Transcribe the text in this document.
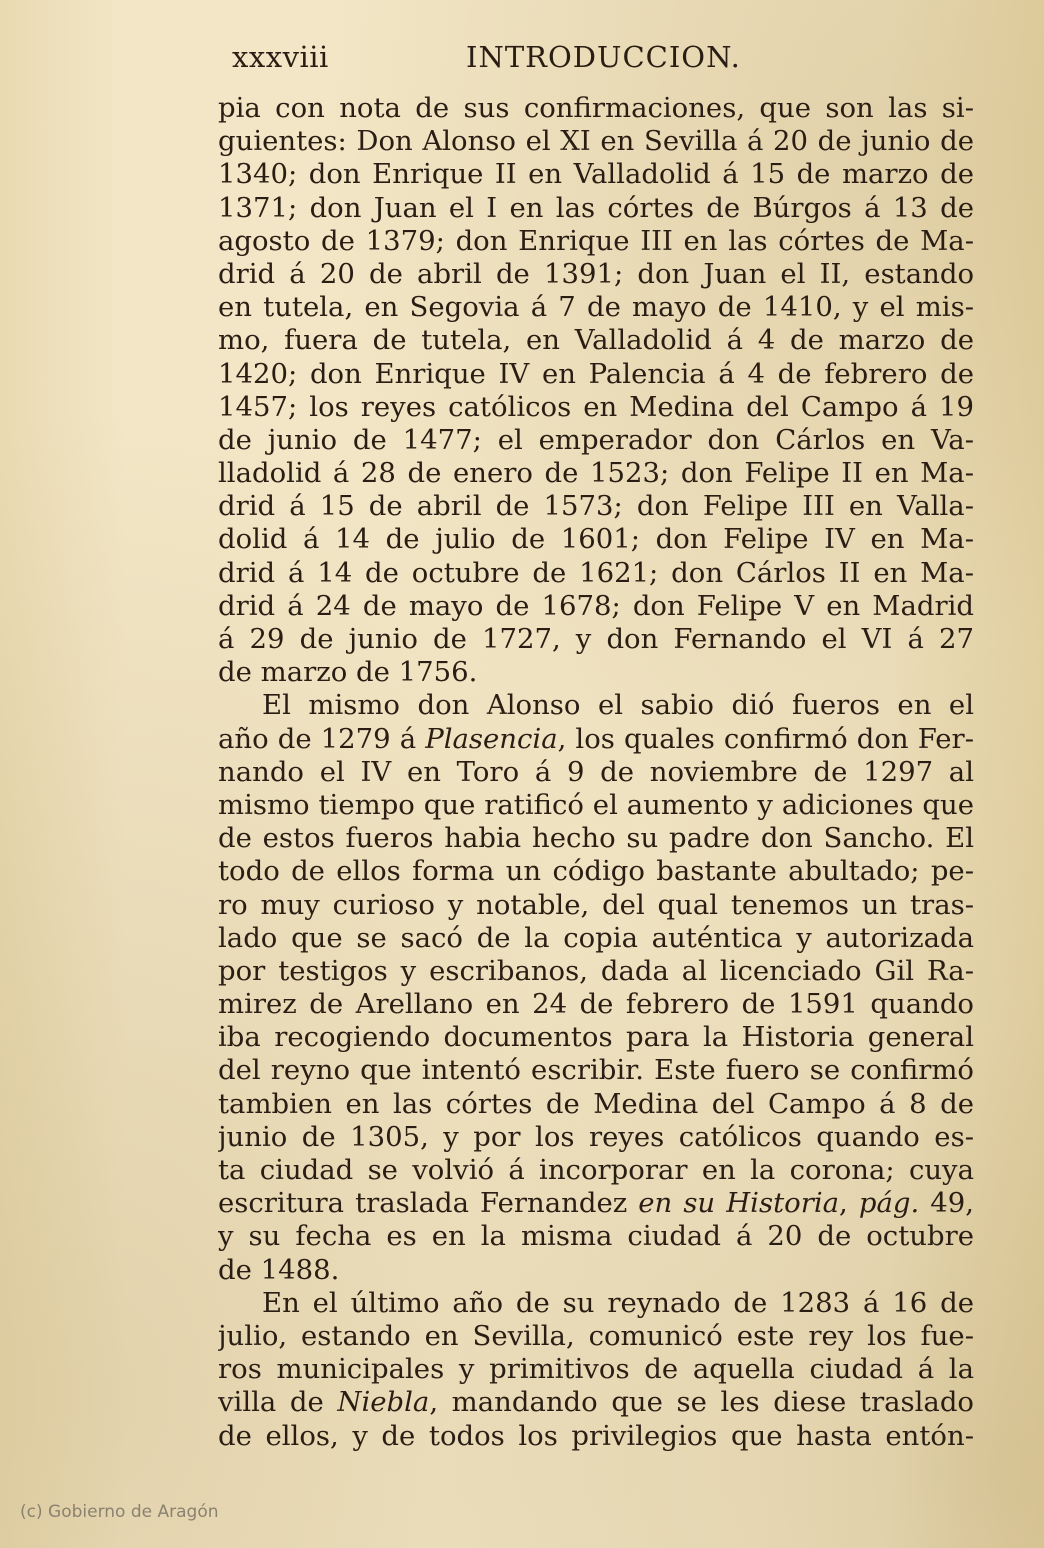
xxxviii	INTRODUCCION.
pia con nota de sus confirmaciones, que son las si-
guientes: Don Alonso el XI en Sevilla á 20 de junio de
1340; don Enrique II en Valladolid á 15 de marzo de
1371; don Juan el I en las córtes de Búrgos á 13 de
agosto de 1379; don Enrique III en las córtes de Ma-
drid á 20 de abril de 1391; don Juan el II, estando
en tutela, en Segovia á 7 de mayo de 1410, y el mis-
mo, fuera de tutela, en Valladolid á 4 de marzo de
1420; don Enrique IV en Palencia á 4 de febrero de
1457; los reyes católicos en Medina del Campo á 19
de junio de 1477; el emperador don Cárlos en Va-
lladolid á 28 de enero de 1523; don Felipe II en Ma-
drid á 15 de abril de 1573; don Felipe III en Valla-
dolid á 14 de julio de 1601; don Felipe IV en Ma-
drid á 14 de octubre de 1621; don Cárlos II en Ma-
drid á 24 de mayo de 1678; don Felipe V en Madrid
á 29 de junio de 1727, y don Fernando el VI á 27
de marzo de 1756.
El mismo don Alonso el sabio dió fueros en el
año de 1279 á Plasencia, los quales confirmó don Fer-
nando el IV en Toro á 9 de noviembre de 1297 al
mismo tiempo que ratificó el aumento y adiciones que
de estos fueros habia hecho su padre don Sancho. El
todo de ellos forma un código bastante abultado; pe-
ro muy curioso y notable, del qual tenemos un tras-
lado que se sacó de la copia auténtica y autorizada
por testigos y escribanos, dada al licenciado Gil Ra-
mirez de Arellano en 24 de febrero de 1591 quando
iba recogiendo documentos para la Historia general
del reyno que intentó escribir. Este fuero se confirmó
tambien en las córtes de Medina del Campo á 8 de
junio de 1305, y por los reyes católicos quando es-
ta ciudad se volvió á incorporar en la corona; cuya
escritura traslada Fernandez en su Historia, pág. 49,
y su fecha es en la misma ciudad á 20 de octubre
de 1488.
En el último año de su reynado de 1283 á 16 de
julio, estando en Sevilla, comunicó este rey los fue-
ros municipales y primitivos de aquella ciudad á la
villa de Niebla, mandando que se les diese traslado
de ellos, y de todos los privilegios que hasta entón-
(c) Gobierno de Aragón
